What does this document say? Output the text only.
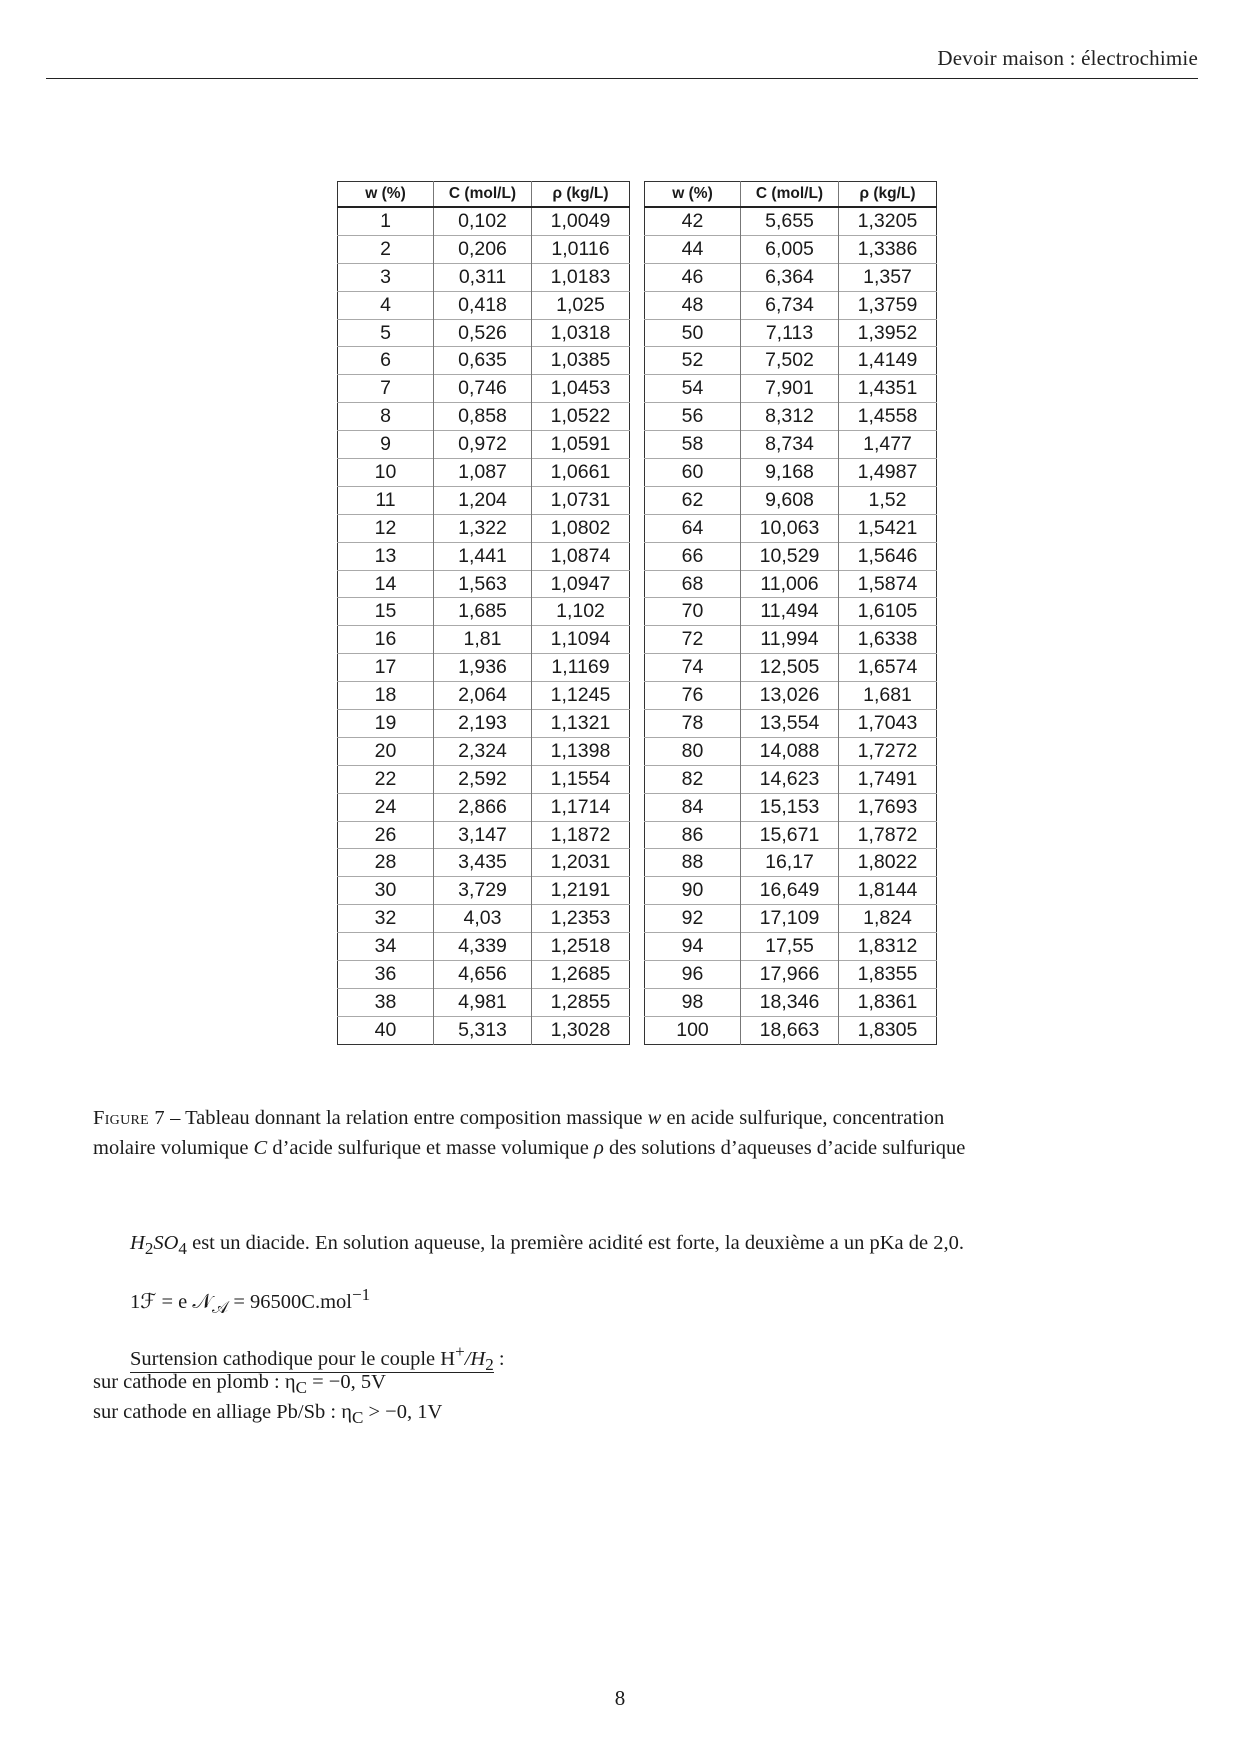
Devoir maison : électrochimie
w (%)	C (mol/L)	ρ (kg/L)
1	0,102	1,0049
2	0,206	1,0116
3	0,311	1,0183
4	0,418	1,025
5	0,526	1,0318
6	0,635	1,0385
7	0,746	1,0453
8	0,858	1,0522
9	0,972	1,0591
10	1,087	1,0661
11	1,204	1,0731
12	1,322	1,0802
13	1,441	1,0874
14	1,563	1,0947
15	1,685	1,102
16	1,81	1,1094
17	1,936	1,1169
18	2,064	1,1245
19	2,193	1,1321
20	2,324	1,1398
22	2,592	1,1554
24	2,866	1,1714
26	3,147	1,1872
28	3,435	1,2031
30	3,729	1,2191
32	4,03	1,2353
34	4,339	1,2518
36	4,656	1,2685
38	4,981	1,2855
40	5,313	1,3028
w (%)	C (mol/L)	ρ (kg/L)
42	5,655	1,3205
44	6,005	1,3386
46	6,364	1,357
48	6,734	1,3759
50	7,113	1,3952
52	7,502	1,4149
54	7,901	1,4351
56	8,312	1,4558
58	8,734	1,477
60	9,168	1,4987
62	9,608	1,52
64	10,063	1,5421
66	10,529	1,5646
68	11,006	1,5874
70	11,494	1,6105
72	11,994	1,6338
74	12,505	1,6574
76	13,026	1,681
78	13,554	1,7043
80	14,088	1,7272
82	14,623	1,7491
84	15,153	1,7693
86	15,671	1,7872
88	16,17	1,8022
90	16,649	1,8144
92	17,109	1,824
94	17,55	1,8312
96	17,966	1,8355
98	18,346	1,8361
100	18,663	1,8305
Figure 7 – Tableau donnant la relation entre composition massique w en acide sulfurique, concentration
molaire volumique C d’acide sulfurique et masse volumique ρ des solutions d’aqueuses d’acide sulfurique
$H_2SO_4$ est un diacide. En solution aqueuse, la première acidité est forte, la deuxième a un pKa de 2,0.
1ℱ = e 𝒩$_𝒜$ = 96500C.mol$^{-1}$
Surtension cathodique pour le couple $H^+/H_2$ :
sur cathode en plomb : $\eta_C = -0$, 5V
sur cathode en alliage Pb/Sb : $\eta_C > -0$, 1V
8
